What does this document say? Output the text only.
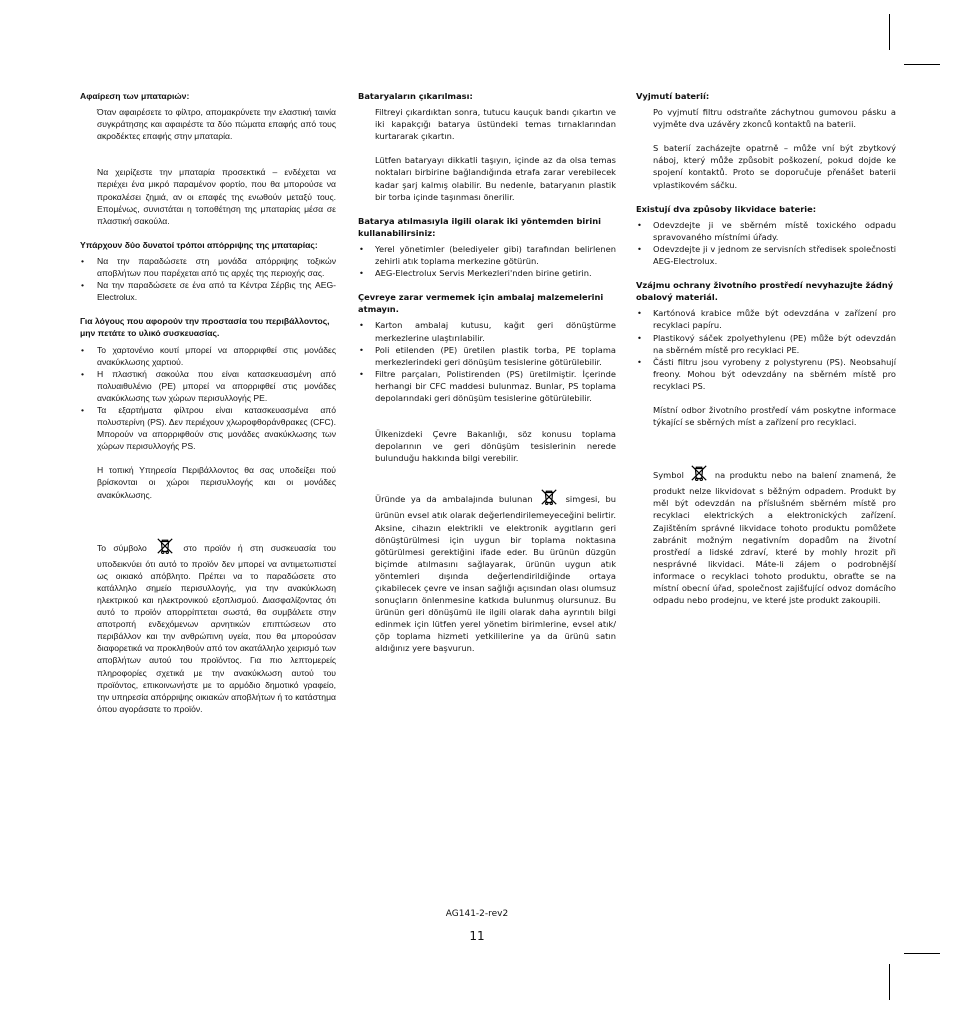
Αφαίρεση των μπαταριών:

Όταν αφαιρέσετε το φίλτρο, απομακρύνετε την ελαστική ταινία συγκράτησης και αφαιρέστε τα δύο πώματα επαφής από τους ακροδέκτες επαφής στην μπαταρία.

Να χειρίζεστε την μπαταρία προσεκτικά – ενδέχεται να περιέχει ένα μικρό παραμένον φορτίο, που θα μπορούσε να προκαλέσει ζημιά, αν οι επαφές της ενωθούν μεταξύ τους. Επομένως, συνιστάται η τοποθέτηση της μπαταρίας μέσα σε πλαστική σακούλα.

Υπάρχουν δύο δυνατοί τρόποι απόρριψης της μπαταρίας:
• Να την παραδώσετε στη μονάδα απόρριψης τοξικών αποβλήτων που παρέχεται από τις αρχές της περιοχής σας.
• Να την παραδώσετε σε ένα από τα Κέντρα Σέρβις της AEG-Electrolux.
Για λόγους που αφορούν την προστασία του περιβάλλοντος, μην πετάτε το υλικό συσκευασίας.
• Το χαρτονένιο κουτί μπορεί να απορριφθεί στις μονάδες ανακύκλωσης χαρτιού.
• Η πλαστική σακούλα που είναι κατασκευασμένη από πολυαιθυλένιο (PE) μπορεί να απορριφθεί στις μονάδες ανακύκλωσης των χώρων περισυλλογής PE.
• Τα εξαρτήματα φίλτρου είναι κατασκευασμένα από πολυστερίνη (PS). Δεν περιέχουν χλωροφθοράνθρακες (CFC). Μπορούν να απορριφθούν στις μονάδες ανακύκλωσης των χώρων περισυλλογής PS.

Η τοπική Υπηρεσία Περιβάλλοντος θα σας υποδείξει πού βρίσκονται οι χώροι περισυλλογής και οι μονάδες ανακύκλωσης.

Το σύμβολο	στο προϊόν ή στη συσκευασία του υποδεικνύει ότι αυτό το προϊόν δεν μπορεί να αντιμετωπιστεί ως οικιακό απόβλητο. Πρέπει να το παραδώσετε στο κατάλληλο σημείο περισυλλογής, για την ανακύκλωση ηλεκτρικού και ηλεκτρονικού εξοπλισμού. Διασφαλίζοντας ότι αυτό το προϊόν απορρίπτεται σωστά, θα συμβάλετε στην αποτροπή ενδεχόμενων αρνητικών επιπτώσεων στο περιβάλλον και την ανθρώπινη υγεία, που θα μπορούσαν διαφορετικά να προκληθούν από τον ακατάλληλο χειρισμό των αποβλήτων αυτού του προϊόντος. Για πιο λεπτομερείς πληροφορίες σχετικά με την ανακύκλωση αυτού του προϊόντος, επικοινωνήστε με το αρμόδιο δημοτικό γραφείο, την υπηρεσία απόρριψης οικιακών αποβλήτων ή το κατάστημα όπου αγοράσατε το προϊόν.

Bataryaların çıkarılması:

Filtreyi çıkardıktan sonra, tutucu kauçuk bandı çıkartın ve iki kapakçığı batarya üstündeki temas tırnaklarından kurtararak çıkartın.

Lütfen bataryayı dikkatli taşıyın, içinde az da olsa temas noktaları birbirine bağlandığında etrafa zarar verebilecek kadar şarj kalmış olabilir. Bu nedenle, bataryanın plastik bir torba içinde taşınması önerilir.

Batarya atılmasıyla ilgili olarak iki yöntemden birini kullanabilirsiniz:
• Yerel yönetimler (belediyeler gibi) tarafından belirlenen zehirli atık toplama merkezine götürün.
• AEG-Electrolux Servis Merkezleri'nden birine getirin.
Çevreye zarar vermemek için ambalaj malzemelerini atmayın.
• Karton ambalaj kutusu, kağıt geri dönüştürme merkezlerine ulaştırılabilir.
• Poli etilenden (PE) üretilen plastik torba, PE toplama merkezlerindeki geri dönüşüm tesislerine götürülebilir.
• Filtre parçaları, Polistirenden (PS) üretilmiştir. İçerinde herhangi bir CFC maddesi bulunmaz. Bunlar, PS toplama depolarındaki geri dönüşüm tesislerine götürülebilir.

Ülkenizdeki Çevre Bakanlığı, söz konusu toplama depolarının ve geri dönüşüm tesislerinin nerede bulunduğu hakkında bilgi verebilir.

Üründe ya da ambalajında bulunan	simgesi, bu ürünün evsel atık olarak değerlendirilemeyeceğini belirtir. Aksine, cihazın elektrikli ve elektronik aygıtların geri dönüştürülmesi için uygun bir toplama noktasına götürülmesi gerektiğini ifade eder. Bu ürünün düzgün biçimde atılmasını sağlayarak, ürünün uygun atık yöntemleri dışında değerlendirildiğinde ortaya çıkabilecek çevre ve insan sağlığı açısından olası olumsuz sonuçların önlenmesine katkıda bulunmuş olursunuz. Bu ürünün geri dönüşümü ile ilgili olarak daha ayrıntılı bilgi edinmek için lütfen yerel yönetim birimlerine, evsel atık/çöp toplama hizmeti yetkililerine ya da ürünü satın aldığınız yere başvurun.

Vyjmutí baterií:

Po vyjmutí filtru odstraňte záchytnou gumovou pásku a vyjměte dva uzávěry zkonců kontaktů na baterii.

S baterií zacházejte opatrně – může vní být zbytkový náboj, který může způsobit poškození, pokud dojde ke spojení kontaktů. Proto se doporučuje přenášet baterii vplastikovém sáčku.

Existují dva způsoby likvidace baterie:
• Odevzdejte ji ve sběrném místě toxického odpadu spravovaného místními úřady.
• Odevzdejte ji v jednom ze servisních středisek společnosti AEG-Electrolux.
Vzájmu ochrany životního prostředí nevyhazujte žádný obalový materiál.
• Kartónová krabice může být odevzdána v zařízení pro recyklaci papíru.
• Plastikový sáček zpolyethylenu (PE) může být odevzdán na sběrném místě pro recyklaci PE.
• Části filtru jsou vyrobeny z polystyrenu (PS). Neobsahují freony. Mohou být odevzdány na sběrném místě pro recyklaci PS.

Místní odbor životního prostředí vám poskytne informace týkající se sběrných míst a zařízení pro recyklaci.

Symbol	na produktu nebo na balení znamená, že produkt nelze likvidovat s běžným odpadem. Produkt by měl být odevzdán na příslušném sběrném místě pro recyklaci elektrických a elektronických zařízení. Zajištěním správné likvidace tohoto produktu pomůžete zabránit možným negativním dopadům na životní prostředí a lidské zdraví, které by mohly hrozit při nesprávné likvidaci. Máte-li zájem o podrobnější informace o recyklaci tohoto produktu, obraťte se na místní obecní úřad, společnost zajišťující odvoz domácího odpadu nebo prodejnu, ve které jste produkt zakoupili.

AG141-2-rev2
11
